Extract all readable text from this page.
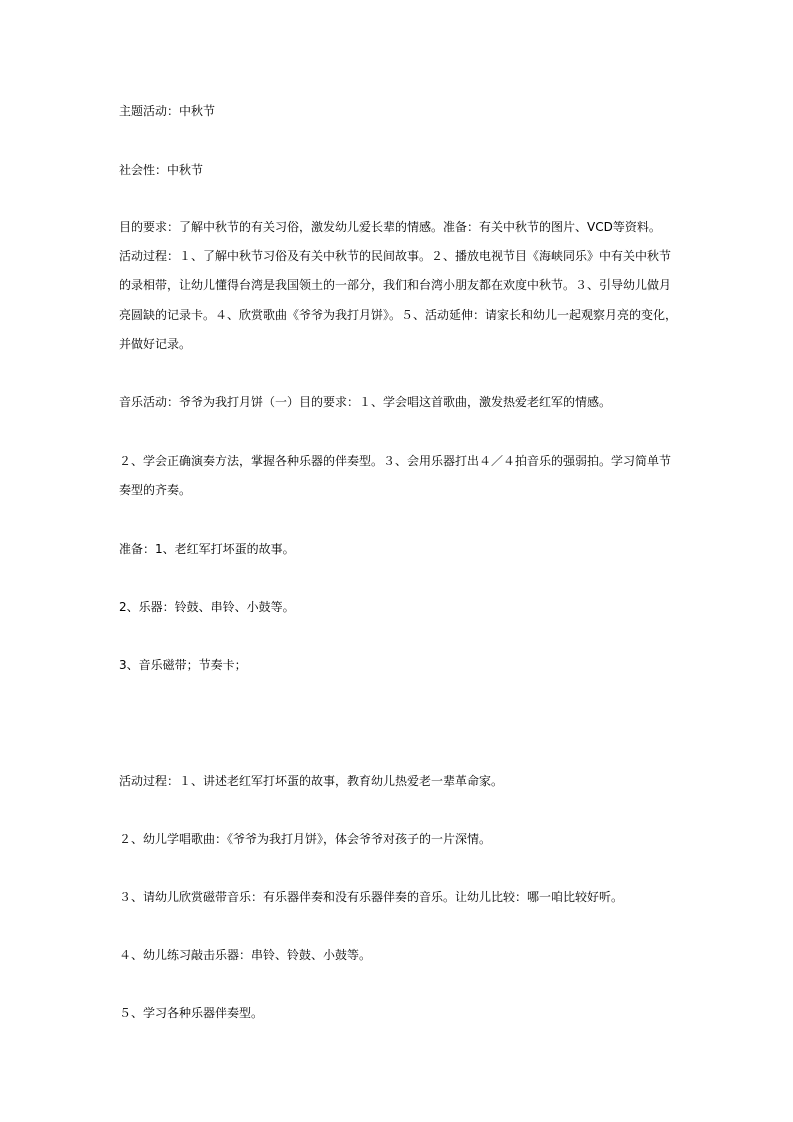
主题活动：中秋节
社会性：中秋节
目的要求：了解中秋节的有关习俗，激发幼儿爱长辈的情感。准备：有关中秋节的图片、VCD等资料。
活动过程：１、了解中秋节习俗及有关中秋节的民间故事。２、播放电视节目《海峡同乐》中有关中秋节
的录相带，让幼儿懂得台湾是我国领土的一部分，我们和台湾小朋友都在欢度中秋节。３、引导幼儿做月
亮圆缺的记录卡。４、欣赏歌曲《爷爷为我打月饼》。５、活动延伸：请家长和幼儿一起观察月亮的变化，
并做好记录。
音乐活动：爷爷为我打月饼（一）目的要求：１、学会唱这首歌曲，激发热爱老红军的情感。
２、学会正确演奏方法，掌握各种乐器的伴奏型。３、会用乐器打出４／４拍音乐的强弱拍。学习简单节
奏型的齐奏。
准备：1、老红军打坏蛋的故事。
2、乐器：铃鼓、串铃、小鼓等。
3、音乐磁带；节奏卡；
活动过程：１、讲述老红军打坏蛋的故事，教育幼儿热爱老一辈革命家。
２、幼儿学唱歌曲：《爷爷为我打月饼》，体会爷爷对孩子的一片深情。
３、请幼儿欣赏磁带音乐：有乐器伴奏和没有乐器伴奏的音乐。让幼儿比较：哪一咱比较好听。
４、幼儿练习敲击乐器：串铃、铃鼓、小鼓等。
５、学习各种乐器伴奏型。
